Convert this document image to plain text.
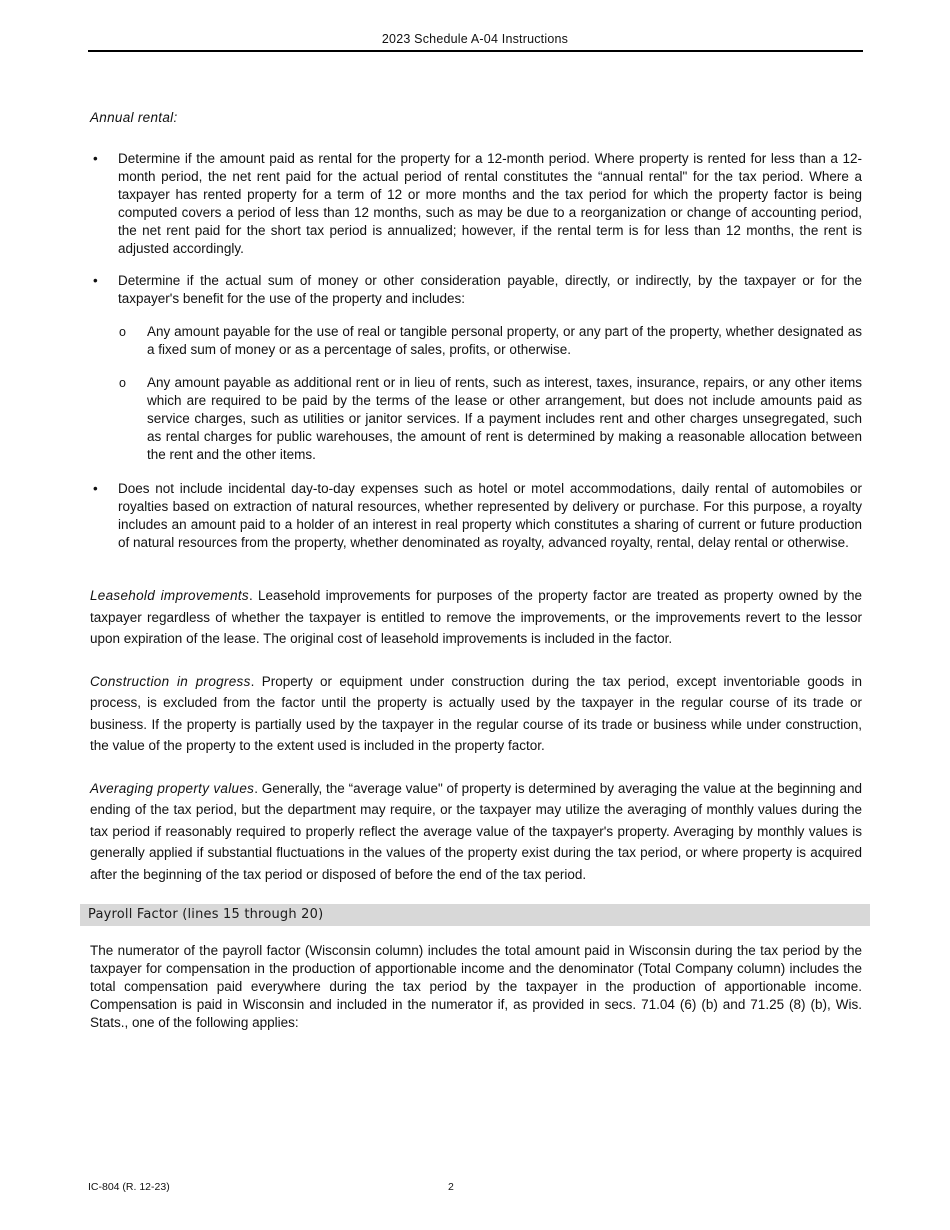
2023 Schedule A-04 Instructions
Annual rental:
•	Determine if the amount paid as rental for the property for a 12-month period. Where property is rented for less than a 12-month period, the net rent paid for the actual period of rental constitutes the “annual rental" for the tax period. Where a taxpayer has rented property for a term of 12 or more months and the tax period for which the property factor is being computed covers a period of less than 12 months, such as may be due to a reorganization or change of accounting period, the net rent paid for the short tax period is annualized; however, if the rental term is for less than 12 months, the rent is adjusted accordingly.
•	Determine if the actual sum of money or other consideration payable, directly, or indirectly, by the taxpayer or for the taxpayer's benefit for the use of the property and includes:
o	Any amount payable for the use of real or tangible personal property, or any part of the property, whether designated as a fixed sum of money or as a percentage of sales, profits, or otherwise.
o	Any amount payable as additional rent or in lieu of rents, such as interest, taxes, insurance, repairs, or any other items which are required to be paid by the terms of the lease or other arrangement, but does not include amounts paid as service charges, such as utilities or janitor services. If a payment includes rent and other charges unsegregated, such as rental charges for public warehouses, the amount of rent is determined by making a reasonable allocation between the rent and the other items.
•	Does not include incidental day-to-day expenses such as hotel or motel accommodations, daily rental of automobiles or royalties based on extraction of natural resources, whether represented by delivery or purchase. For this purpose, a royalty includes an amount paid to a holder of an interest in real property which constitutes a sharing of current or future production of natural resources from the property, whether denominated as royalty, advanced royalty, rental, delay rental or otherwise.

Leasehold improvements. Leasehold improvements for purposes of the property factor are treated as property owned by the taxpayer regardless of whether the taxpayer is entitled to remove the improvements, or the improvements revert to the lessor upon expiration of the lease. The original cost of leasehold improvements is included in the factor.

Construction in progress. Property or equipment under construction during the tax period, except inventoriable goods in process, is excluded from the factor until the property is actually used by the taxpayer in the regular course of its trade or business. If the property is partially used by the taxpayer in the regular course of its trade or business while under construction, the value of the property to the extent used is included in the property factor.

Averaging property values. Generally, the “average value" of property is determined by averaging the value at the beginning and ending of the tax period, but the department may require, or the taxpayer may utilize the averaging of monthly values during the tax period if reasonably required to properly reflect the average value of the taxpayer's property. Averaging by monthly values is generally applied if substantial fluctuations in the values of the property exist during the tax period, or where property is acquired after the beginning of the tax period or disposed of before the end of the tax period.

Payroll Factor (lines 15 through 20)

The numerator of the payroll factor (Wisconsin column) includes the total amount paid in Wisconsin during the tax period by the taxpayer for compensation in the production of apportionable income and the denominator (Total Company column) includes the total compensation paid everywhere during the tax period by the taxpayer in the production of apportionable income. Compensation is paid in Wisconsin and included in the numerator if, as provided in secs. 71.04 (6) (b) and 71.25 (8) (b), Wis. Stats., one of the following applies:

IC-804 (R. 12-23)	2
